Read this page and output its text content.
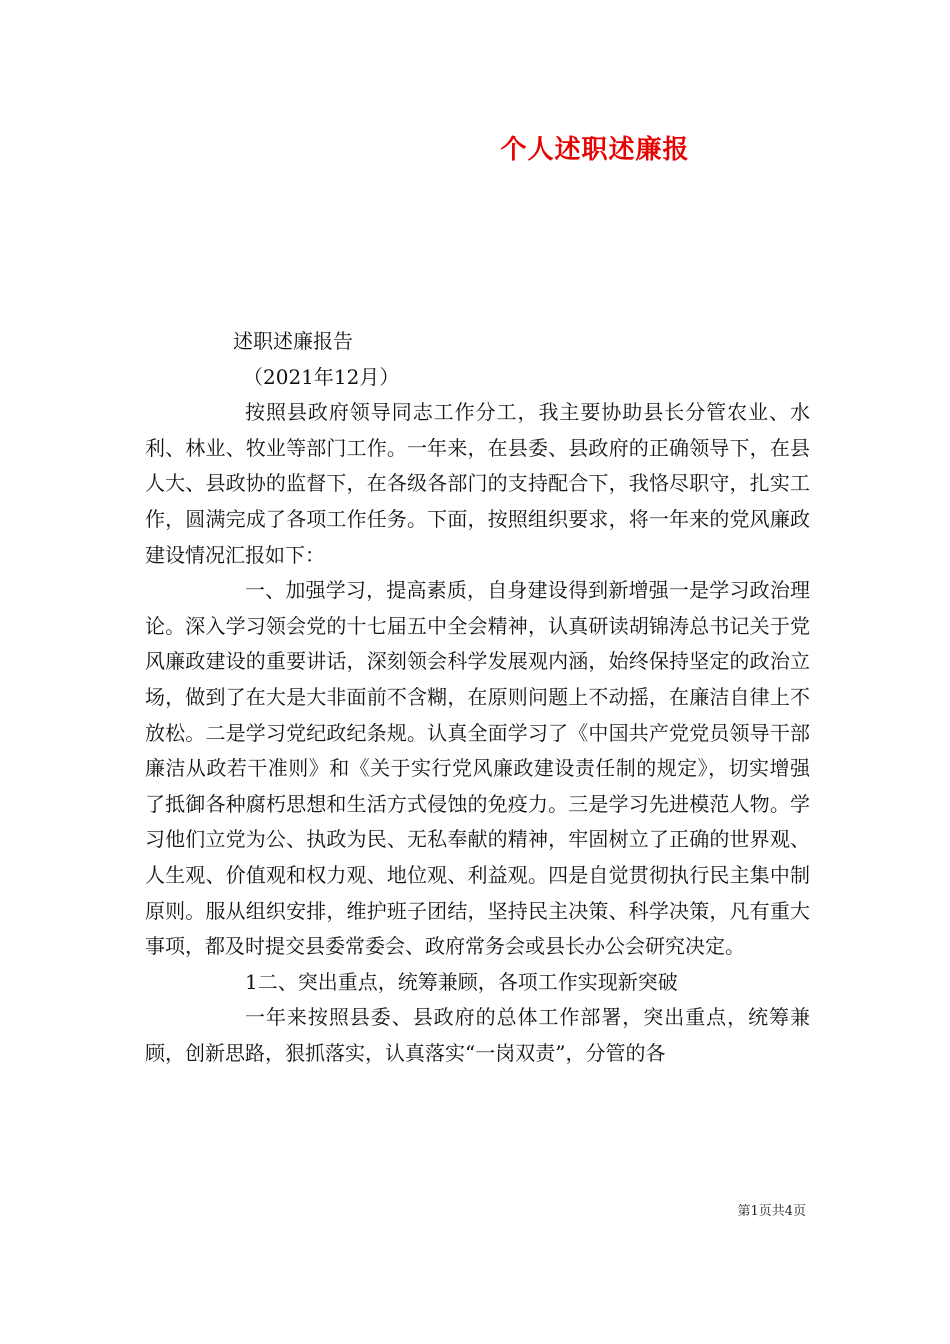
个人述职述廉报

述职述廉报告

（2021年12月）

按照县政府领导同志工作分工，我主要协助县长分管农业、水利、林业、牧业等部门工作。一年来，在县委、县政府的正确领导下，在县人大、县政协的监督下，在各级各部门的支持配合下，我恪尽职守，扎实工作，圆满完成了各项工作任务。下面，按照组织要求，将一年来的党风廉政建设情况汇报如下：

一、加强学习，提高素质，自身建设得到新增强一是学习政治理论。深入学习领会党的十七届五中全会精神，认真研读胡锦涛总书记关于党风廉政建设的重要讲话，深刻领会科学发展观内涵，始终保持坚定的政治立场，做到了在大是大非面前不含糊，在原则问题上不动摇，在廉洁自律上不放松。二是学习党纪政纪条规。认真全面学习了《中国共产党党员领导干部廉洁从政若干准则》和《关于实行党风廉政建设责任制的规定》，切实增强了抵御各种腐朽思想和生活方式侵蚀的免疫力。三是学习先进模范人物。学习他们立党为公、执政为民、无私奉献的精神，牢固树立了正确的世界观、人生观、价值观和权力观、地位观、利益观。四是自觉贯彻执行民主集中制原则。服从组织安排，维护班子团结，坚持民主决策、科学决策，凡有重大事项，都及时提交县委常委会、政府常务会或县长办公会研究决定。

1二、突出重点，统筹兼顾，各项工作实现新突破

一年来按照县委、县政府的总体工作部署，突出重点，统筹兼顾，创新思路，狠抓落实，认真落实“一岗双责”，分管的各

第1页共4页
